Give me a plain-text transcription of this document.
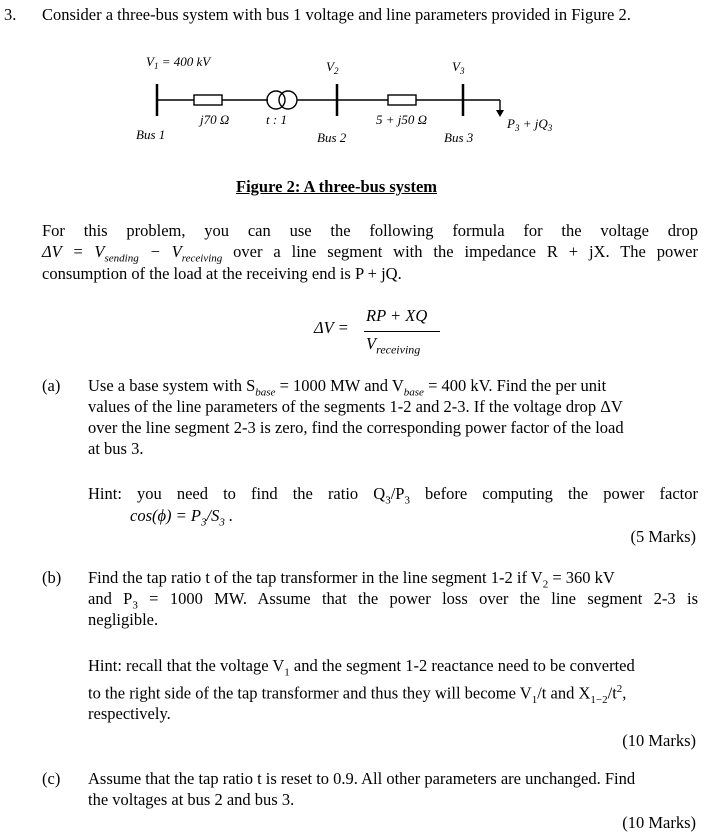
3. Consider a three-bus system with bus 1 voltage and line parameters provided in Figure 2.
$V_1 = 400$ kV	$V_2$	$V_3$
j70 Ω	t : 1	5 + j50 Ω	$P_3 + jQ_3$
Bus 1	Bus 2	Bus 3
Figure 2: A three-bus system
For this problem, you can use the following formula for the voltage drop
$\Delta V = V_{sending} - V_{receiving}$ over a line segment with the impedance R + jX. The power
consumption of the load at the receiving end is P + jQ.
ΔV =
RP + XQ
$V_{receiving}$
(a) Use a base system with $S_{base} = 1000$ MW and $V_{base} = 400$ kV. Find the per unit
values of the line parameters of the segments 1-2 and 2-3. If the voltage drop ΔV
over the line segment 2-3 is zero, find the corresponding power factor of the load
at bus 3.
Hint: you need to find the ratio $Q_3/P_3$ before computing the power factor
$\cos(\phi) = P_3/S_3$ .
(5 Marks)
(b) Find the tap ratio t of the tap transformer in the line segment 1-2 if $V_2 = 360$ kV
and $P_3 = 1000$ MW. Assume that the power loss over the line segment 2-3 is
negligible.
Hint: recall that the voltage $V_1$ and the segment 1-2 reactance need to be converted
to the right side of the tap transformer and thus they will become $V_1/t$ and $X_{1-2}/t^2$,
respectively.
(10 Marks)
(c) Assume that the tap ratio t is reset to 0.9. All other parameters are unchanged. Find
the voltages at bus 2 and bus 3.
(10 Marks)
